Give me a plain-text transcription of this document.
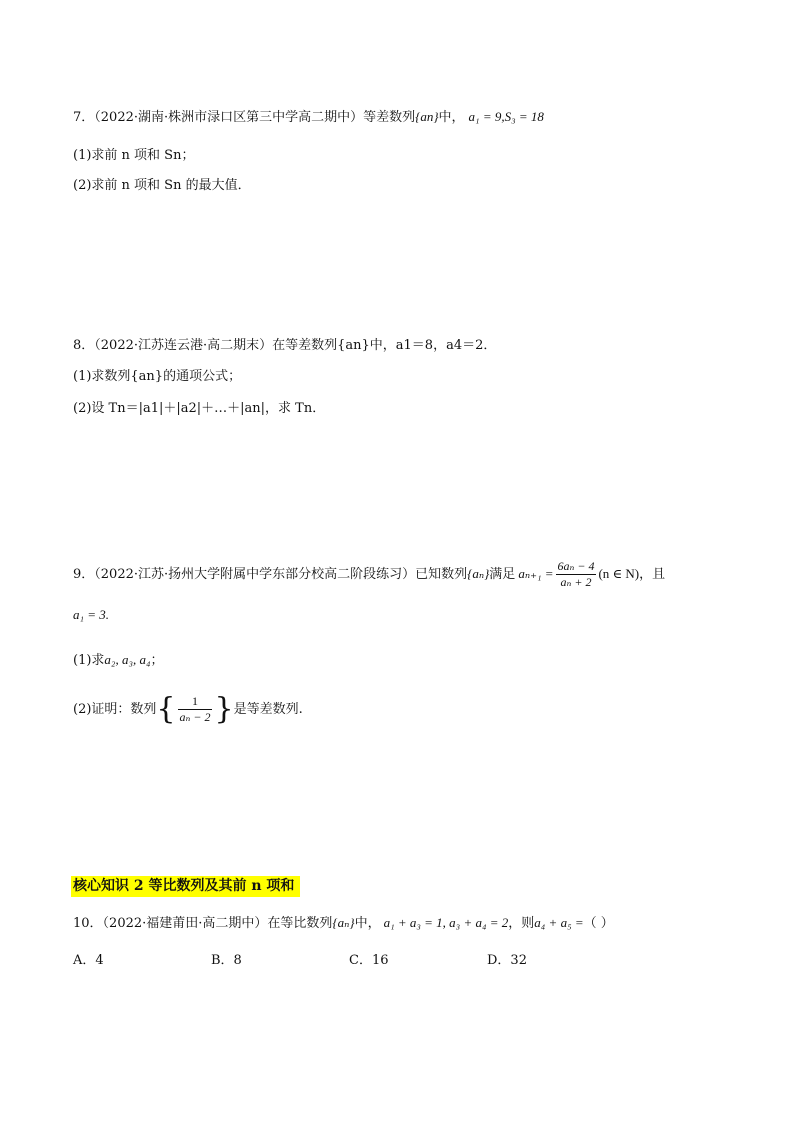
7．（2022·湖南·株洲市渌口区第三中学高二期中）等差数列{an}中， a₁ = 9,S₃ = 18
(1)求前 n 项和 Sn；
(2)求前 n 项和 Sn 的最大值．
8．（2022·江苏连云港·高二期末）在等差数列{an}中，a1＝8，a4＝2．
(1)求数列{an}的通项公式；
(2)设 Tn＝|a1|＋|a2|＋…＋|an|，求 Tn．
9．（2022·江苏·扬州大学附属中学东部分校高二阶段练习）已知数列{aₙ}满足 $a_{n+1} = \frac{\text{6aₙ − 4}}{\text{aₙ + 2}} (n$ ∈ N)，且
a₁ = 3.
(1)求a₂, a₃, a₄；
(2)证明：数列{ $\frac{1}{\text{aₙ − 2}}$ }是等差数列.
核心知识 2 等比数列及其前 n 项和
10．（2022·福建莆田·高二期中）在等比数列{aₙ}中， a₁ + a₃ = 1, a₃ + a₄ = 2，则a₄ + a₅ =（ ）
A．4	B．8	C．16	D．32
